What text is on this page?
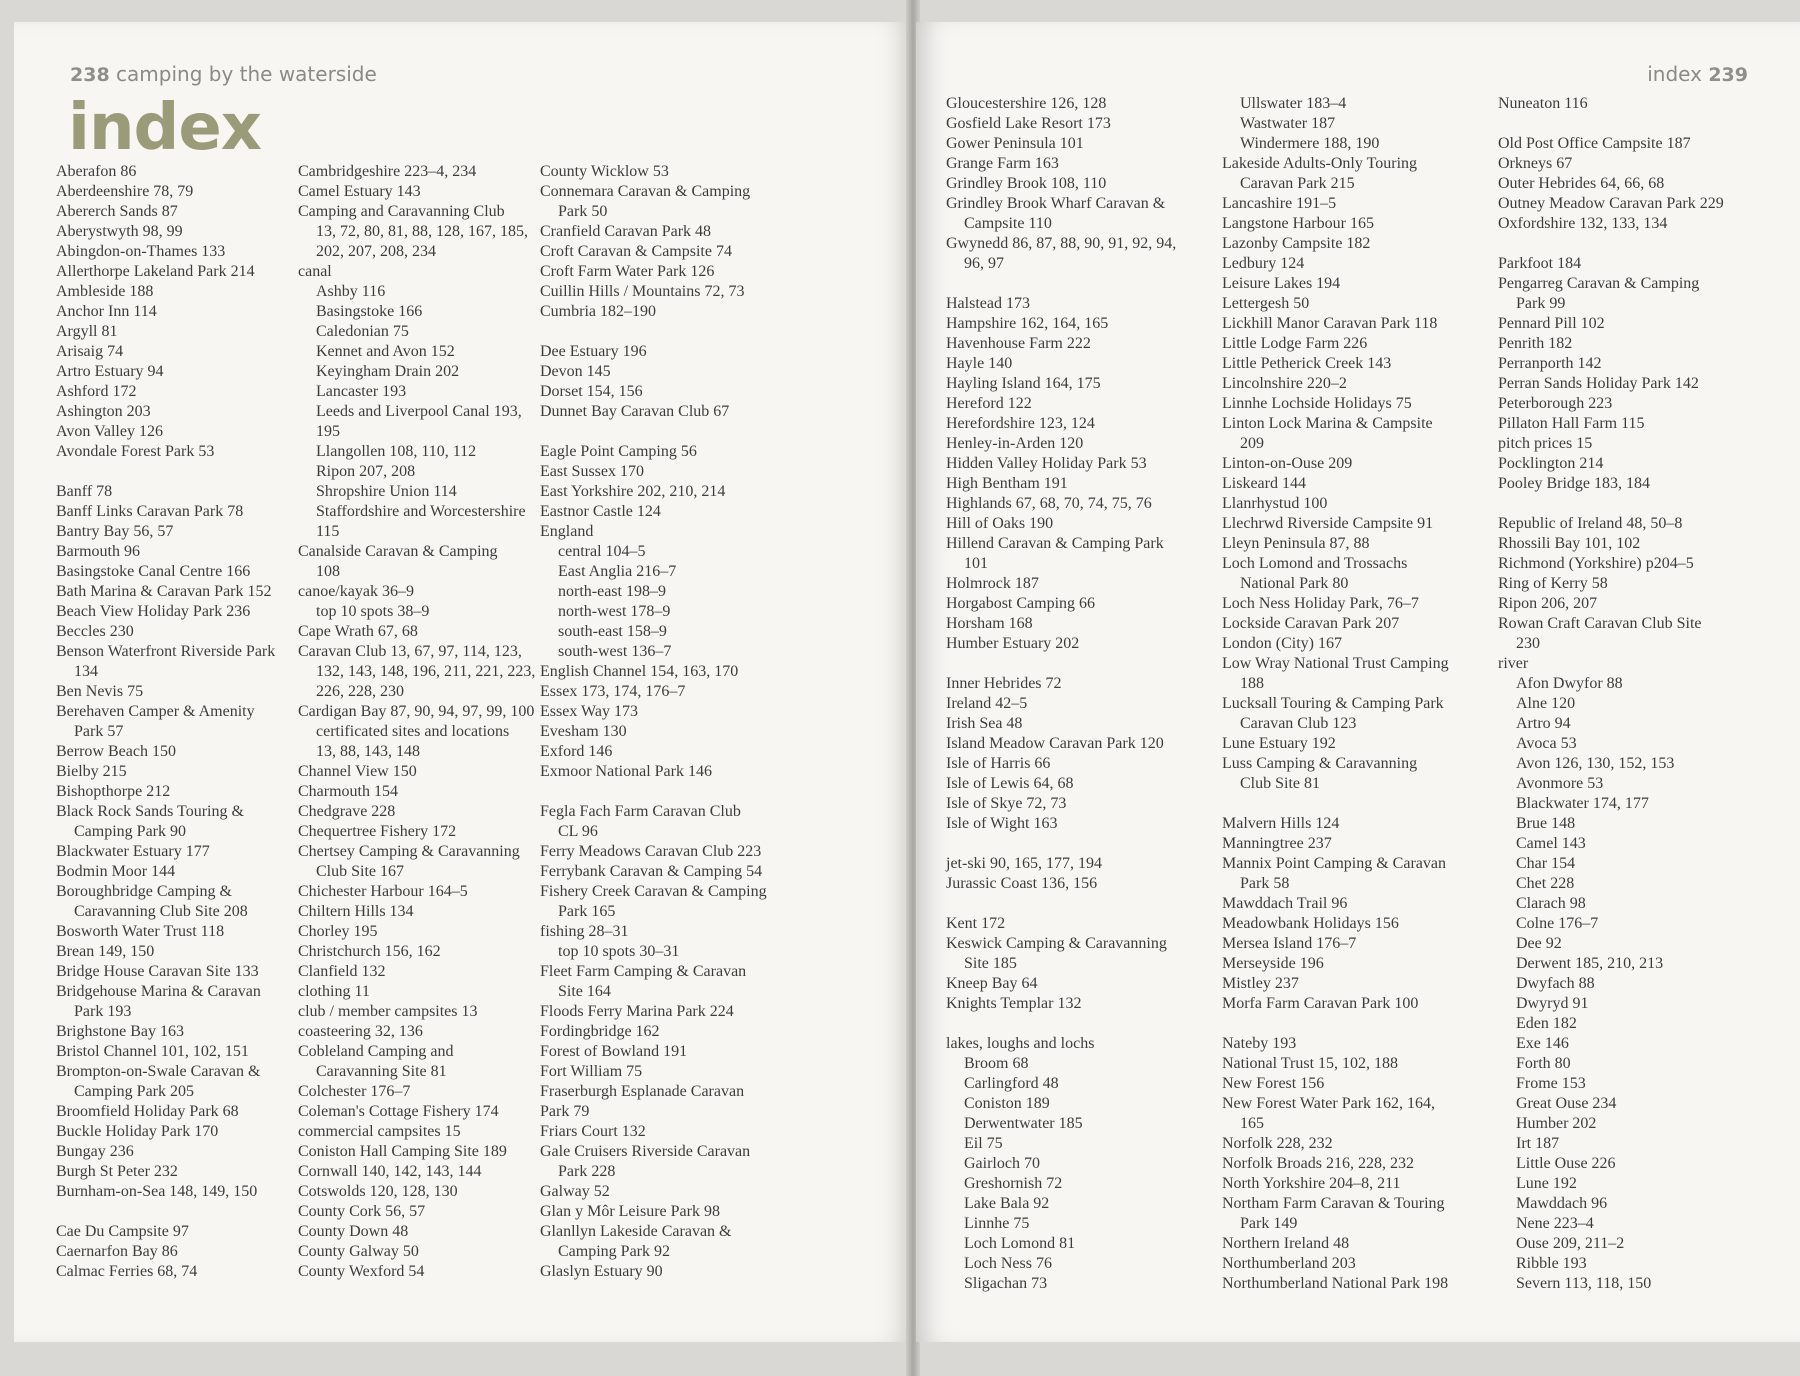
238 camping by the waterside
index
Aberafon 86
Aberdeenshire 78, 79
Abererch Sands 87
Aberystwyth 98, 99
Abingdon-on-Thames 133
Allerthorpe Lakeland Park 214
Ambleside 188
Anchor Inn 114
Argyll 81
Arisaig 74
Artro Estuary 94
Ashford 172
Ashington 203
Avon Valley 126
Avondale Forest Park 53
Banff 78
Banff Links Caravan Park 78
Bantry Bay 56, 57
Barmouth 96
Basingstoke Canal Centre 166
Bath Marina & Caravan Park 152
Beach View Holiday Park 236
Beccles 230
Benson Waterfront Riverside Park
134
Ben Nevis 75
Berehaven Camper & Amenity
Park 57
Berrow Beach 150
Bielby 215
Bishopthorpe 212
Black Rock Sands Touring &
Camping Park 90
Blackwater Estuary 177
Bodmin Moor 144
Boroughbridge Camping &
Caravanning Club Site 208
Bosworth Water Trust 118
Brean 149, 150
Bridge House Caravan Site 133
Bridgehouse Marina & Caravan
Park 193
Brighstone Bay 163
Bristol Channel 101, 102, 151
Brompton-on-Swale Caravan &
Camping Park 205
Broomfield Holiday Park 68
Buckle Holiday Park 170
Bungay 236
Burgh St Peter 232
Burnham-on-Sea 148, 149, 150
Cae Du Campsite 97
Caernarfon Bay 86
Calmac Ferries 68, 74
Cambridgeshire 223–4, 234
Camel Estuary 143
Camping and Caravanning Club
13, 72, 80, 81, 88, 128, 167, 185,
202, 207, 208, 234
canal
Ashby 116
Basingstoke 166
Caledonian 75
Kennet and Avon 152
Keyingham Drain 202
Lancaster 193
Leeds and Liverpool Canal 193,
195
Llangollen 108, 110, 112
Ripon 207, 208
Shropshire Union 114
Staffordshire and Worcestershire
115
Canalside Caravan & Camping
108
canoe/kayak 36–9
top 10 spots 38–9
Cape Wrath 67, 68
Caravan Club 13, 67, 97, 114, 123,
132, 143, 148, 196, 211, 221, 223,
226, 228, 230
Cardigan Bay 87, 90, 94, 97, 99, 100
certificated sites and locations
13, 88, 143, 148
Channel View 150
Charmouth 154
Chedgrave 228
Chequertree Fishery 172
Chertsey Camping & Caravanning
Club Site 167
Chichester Harbour 164–5
Chiltern Hills 134
Chorley 195
Christchurch 156, 162
Clanfield 132
clothing 11
club / member campsites 13
coasteering 32, 136
Cobleland Camping and
Caravanning Site 81
Colchester 176–7
Coleman's Cottage Fishery 174
commercial campsites 15
Coniston Hall Camping Site 189
Cornwall 140, 142, 143, 144
Cotswolds 120, 128, 130
County Cork 56, 57
County Down 48
County Galway 50
County Wexford 54
County Wicklow 53
Connemara Caravan & Camping
Park 50
Cranfield Caravan Park 48
Croft Caravan & Campsite 74
Croft Farm Water Park 126
Cuillin Hills / Mountains 72, 73
Cumbria 182–190
Dee Estuary 196
Devon 145
Dorset 154, 156
Dunnet Bay Caravan Club 67
Eagle Point Camping 56
East Sussex 170
East Yorkshire 202, 210, 214
Eastnor Castle 124
England
central 104–5
East Anglia 216–7
north-east 198–9
north-west 178–9
south-east 158–9
south-west 136–7
English Channel 154, 163, 170
Essex 173, 174, 176–7
Essex Way 173
Evesham 130
Exford 146
Exmoor National Park 146
Fegla Fach Farm Caravan Club
CL 96
Ferry Meadows Caravan Club 223
Ferrybank Caravan & Camping 54
Fishery Creek Caravan & Camping
Park 165
fishing 28–31
top 10 spots 30–31
Fleet Farm Camping & Caravan
Site 164
Floods Ferry Marina Park 224
Fordingbridge 162
Forest of Bowland 191
Fort William 75
Fraserburgh Esplanade Caravan
Park 79
Friars Court 132
Gale Cruisers Riverside Caravan
Park 228
Galway 52
Glan y Môr Leisure Park 98
Glanllyn Lakeside Caravan &
Camping Park 92
Glaslyn Estuary 90
index 239
Gloucestershire 126, 128
Gosfield Lake Resort 173
Gower Peninsula 101
Grange Farm 163
Grindley Brook 108, 110
Grindley Brook Wharf Caravan &
Campsite 110
Gwynedd 86, 87, 88, 90, 91, 92, 94,
96, 97
Halstead 173
Hampshire 162, 164, 165
Havenhouse Farm 222
Hayle 140
Hayling Island 164, 175
Hereford 122
Herefordshire 123, 124
Henley-in-Arden 120
Hidden Valley Holiday Park 53
High Bentham 191
Highlands 67, 68, 70, 74, 75, 76
Hill of Oaks 190
Hillend Caravan & Camping Park
101
Holmrock 187
Horgabost Camping 66
Horsham 168
Humber Estuary 202
Inner Hebrides 72
Ireland 42–5
Irish Sea 48
Island Meadow Caravan Park 120
Isle of Harris 66
Isle of Lewis 64, 68
Isle of Skye 72, 73
Isle of Wight 163
jet-ski 90, 165, 177, 194
Jurassic Coast 136, 156
Kent 172
Keswick Camping & Caravanning
Site 185
Kneep Bay 64
Knights Templar 132
lakes, loughs and lochs
Broom 68
Carlingford 48
Coniston 189
Derwentwater 185
Eil 75
Gairloch 70
Greshornish 72
Lake Bala 92
Linnhe 75
Loch Lomond 81
Loch Ness 76
Sligachan 73
Ullswater 183–4
Wastwater 187
Windermere 188, 190
Lakeside Adults-Only Touring
Caravan Park 215
Lancashire 191–5
Langstone Harbour 165
Lazonby Campsite 182
Ledbury 124
Leisure Lakes 194
Lettergesh 50
Lickhill Manor Caravan Park 118
Little Lodge Farm 226
Little Petherick Creek 143
Lincolnshire 220–2
Linnhe Lochside Holidays 75
Linton Lock Marina & Campsite
209
Linton-on-Ouse 209
Liskeard 144
Llanrhystud 100
Llechrwd Riverside Campsite 91
Lleyn Peninsula 87, 88
Loch Lomond and Trossachs
National Park 80
Loch Ness Holiday Park, 76–7
Lockside Caravan Park 207
London (City) 167
Low Wray National Trust Camping
188
Lucksall Touring & Camping Park
Caravan Club 123
Lune Estuary 192
Luss Camping & Caravanning
Club Site 81
Malvern Hills 124
Manningtree 237
Mannix Point Camping & Caravan
Park 58
Mawddach Trail 96
Meadowbank Holidays 156
Mersea Island 176–7
Merseyside 196
Mistley 237
Morfa Farm Caravan Park 100
Nateby 193
National Trust 15, 102, 188
New Forest 156
New Forest Water Park 162, 164,
165
Norfolk 228, 232
Norfolk Broads 216, 228, 232
North Yorkshire 204–8, 211
Northam Farm Caravan & Touring
Park 149
Northern Ireland 48
Northumberland 203
Northumberland National Park 198
Nuneaton 116
Old Post Office Campsite 187
Orkneys 67
Outer Hebrides 64, 66, 68
Outney Meadow Caravan Park 229
Oxfordshire 132, 133, 134
Parkfoot 184
Pengarreg Caravan & Camping
Park 99
Pennard Pill 102
Penrith 182
Perranporth 142
Perran Sands Holiday Park 142
Peterborough 223
Pillaton Hall Farm 115
pitch prices 15
Pocklington 214
Pooley Bridge 183, 184
Republic of Ireland 48, 50–8
Rhossili Bay 101, 102
Richmond (Yorkshire) p204–5
Ring of Kerry 58
Ripon 206, 207
Rowan Craft Caravan Club Site
230
river
Afon Dwyfor 88
Alne 120
Artro 94
Avoca 53
Avon 126, 130, 152, 153
Avonmore 53
Blackwater 174, 177
Brue 148
Camel 143
Char 154
Chet 228
Clarach 98
Colne 176–7
Dee 92
Derwent 185, 210, 213
Dwyfach 88
Dwyryd 91
Eden 182
Exe 146
Forth 80
Frome 153
Great Ouse 234
Humber 202
Irt 187
Little Ouse 226
Lune 192
Mawddach 96
Nene 223–4
Ouse 209, 211–2
Ribble 193
Severn 113, 118, 150
